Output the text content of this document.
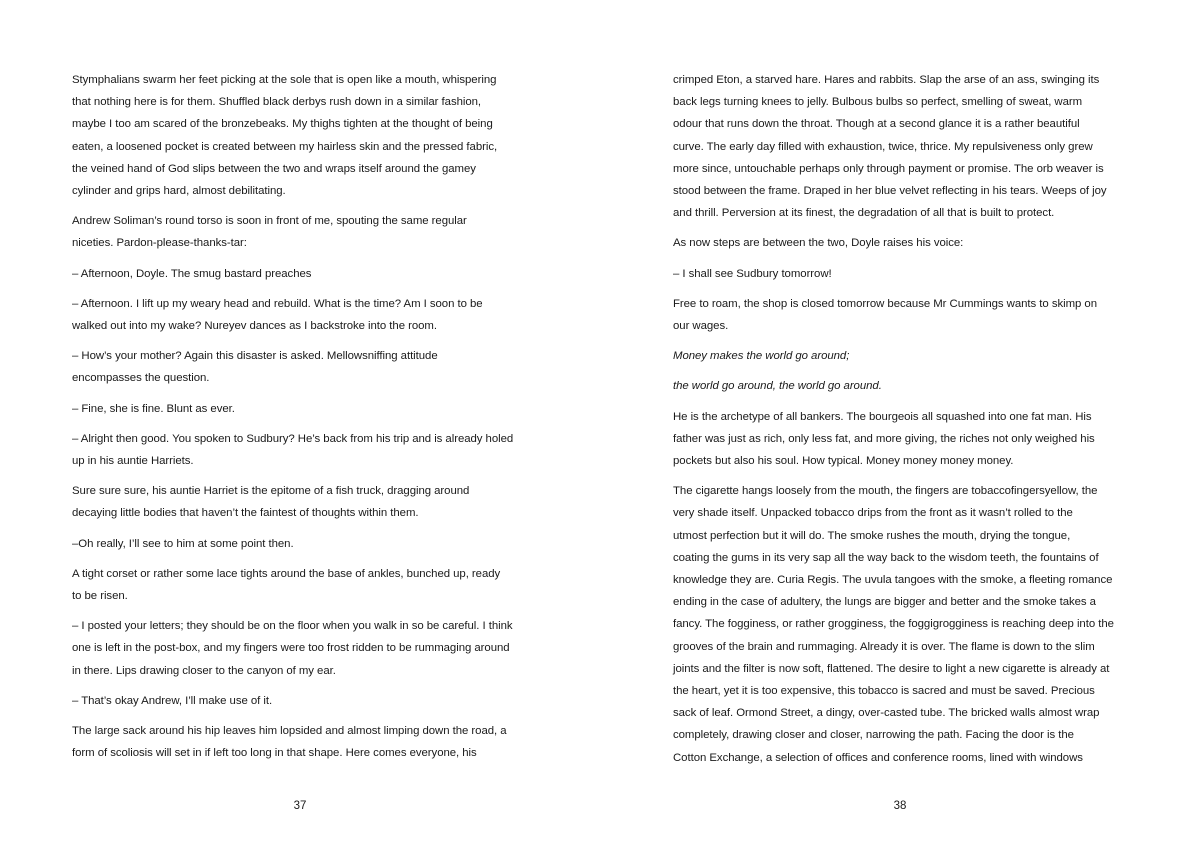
Stymphalians swarm her feet picking at the sole that is open like a mouth, whispering
that nothing here is for them. Shuffled black derbys rush down in a similar fashion,
maybe I too am scared of the bronzebeaks. My thighs tighten at the thought of being
eaten, a loosened pocket is created between my hairless skin and the pressed fabric,
the veined hand of God slips between the two and wraps itself around the gamey
cylinder and grips hard, almost debilitating.

Andrew Soliman’s round torso is soon in front of me, spouting the same regular
niceties. Pardon-please-thanks-tar:

– Afternoon, Doyle. The smug bastard preaches

– Afternoon. I lift up my weary head and rebuild. What is the time? Am I soon to be
walked out into my wake? Nureyev dances as I backstroke into the room.

– How’s your mother? Again this disaster is asked. Mellowsniffing attitude
encompasses the question.

– Fine, she is fine. Blunt as ever.

– Alright then good. You spoken to Sudbury? He’s back from his trip and is already holed
up in his auntie Harriets.

Sure sure sure, his auntie Harriet is the epitome of a fish truck, dragging around
decaying little bodies that haven’t the faintest of thoughts within them.

–Oh really, I’ll see to him at some point then.

A tight corset or rather some lace tights around the base of ankles, bunched up, ready
to be risen.

– I posted your letters; they should be on the floor when you walk in so be careful. I think
one is left in the post-box, and my fingers were too frost ridden to be rummaging around
in there. Lips drawing closer to the canyon of my ear.

– That’s okay Andrew, I’ll make use of it.

The large sack around his hip leaves him lopsided and almost limping down the road, a
form of scoliosis will set in if left too long in that shape. Here comes everyone, his

37

crimped Eton, a starved hare. Hares and rabbits. Slap the arse of an ass, swinging its
back legs turning knees to jelly. Bulbous bulbs so perfect, smelling of sweat, warm
odour that runs down the throat. Though at a second glance it is a rather beautiful
curve. The early day filled with exhaustion, twice, thrice. My repulsiveness only grew
more since, untouchable perhaps only through payment or promise. The orb weaver is
stood between the frame. Draped in her blue velvet reflecting in his tears. Weeps of joy
and thrill. Perversion at its finest, the degradation of all that is built to protect.

As now steps are between the two, Doyle raises his voice:

– I shall see Sudbury tomorrow!

Free to roam, the shop is closed tomorrow because Mr Cummings wants to skimp on
our wages.

Money makes the world go around;

the world go around, the world go around.

He is the archetype of all bankers. The bourgeois all squashed into one fat man. His
father was just as rich, only less fat, and more giving, the riches not only weighed his
pockets but also his soul. How typical. Money money money money.

The cigarette hangs loosely from the mouth, the fingers are tobaccofingersyellow, the
very shade itself. Unpacked tobacco drips from the front as it wasn’t rolled to the
utmost perfection but it will do. The smoke rushes the mouth, drying the tongue,
coating the gums in its very sap all the way back to the wisdom teeth, the fountains of
knowledge they are. Curia Regis. The uvula tangoes with the smoke, a fleeting romance
ending in the case of adultery, the lungs are bigger and better and the smoke takes a
fancy. The fogginess, or rather grogginess, the foggigrogginess is reaching deep into the
grooves of the brain and rummaging. Already it is over. The flame is down to the slim
joints and the filter is now soft, flattened. The desire to light a new cigarette is already at
the heart, yet it is too expensive, this tobacco is sacred and must be saved. Precious
sack of leaf. Ormond Street, a dingy, over-casted tube. The bricked walls almost wrap
completely, drawing closer and closer, narrowing the path. Facing the door is the
Cotton Exchange, a selection of offices and conference rooms, lined with windows

38
